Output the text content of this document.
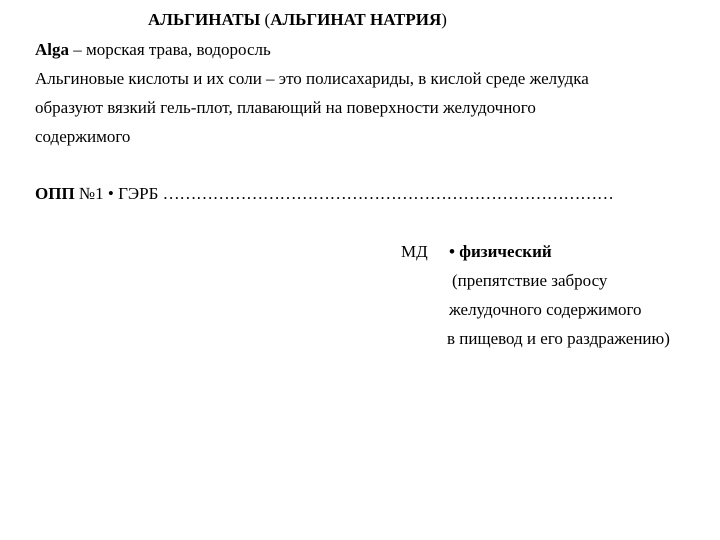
АЛЬГИНАТЫ (АЛЬГИНАТ НАТРИЯ)
Alga – морская трава, водоросль
Альгиновые кислоты и их соли – это полисахариды, в кислой среде желудка
образуют вязкий гель-плот, плавающий на поверхности желудочного
содержимого
ОПП №1 • ГЭРБ ………………………………………………………………………
МД • физический
(препятствие забросу
желудочного содержимого
в пищевод и его раздражению)
